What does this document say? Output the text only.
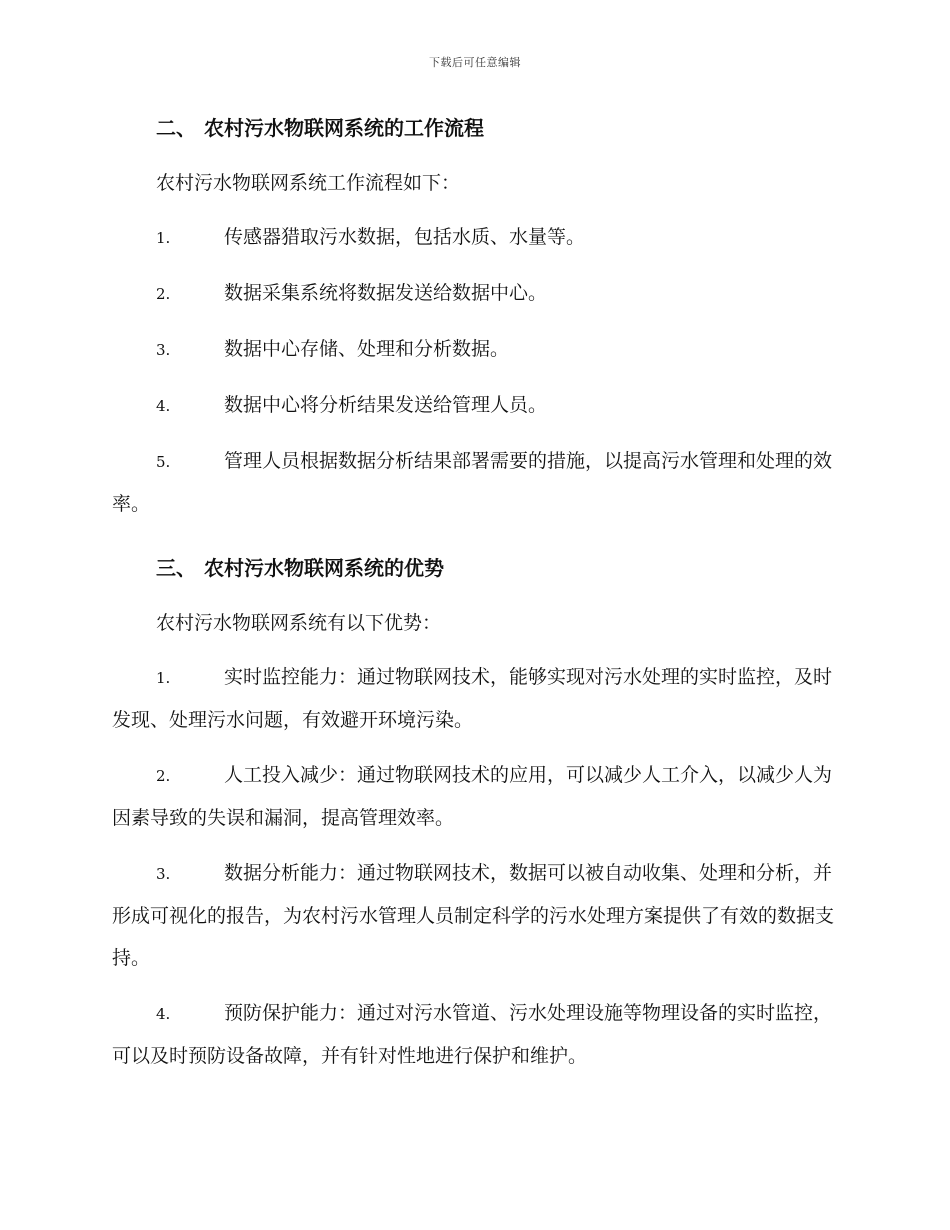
下载后可任意编辑
二、 农村污水物联网系统的工作流程

农村污水物联网系统工作流程如下：

1.	传感器猎取污水数据，包括水质、水量等。

2.	数据采集系统将数据发送给数据中心。

3.	数据中心存储、处理和分析数据。

4.	数据中心将分析结果发送给管理人员。

5.	管理人员根据数据分析结果部署需要的措施，以提高污水管理和处理的效率。

三、 农村污水物联网系统的优势

农村污水物联网系统有以下优势：

1.	实时监控能力：通过物联网技术，能够实现对污水处理的实时监控，及时发现、处理污水问题，有效避开环境污染。

2.	人工投入减少：通过物联网技术的应用，可以减少人工介入，以减少人为因素导致的失误和漏洞，提高管理效率。

3.	数据分析能力：通过物联网技术，数据可以被自动收集、处理和分析，并形成可视化的报告，为农村污水管理人员制定科学的污水处理方案提供了有效的数据支持。

4.	预防保护能力：通过对污水管道、污水处理设施等物理设备的实时监控，可以及时预防设备故障，并有针对性地进行保护和维护。
